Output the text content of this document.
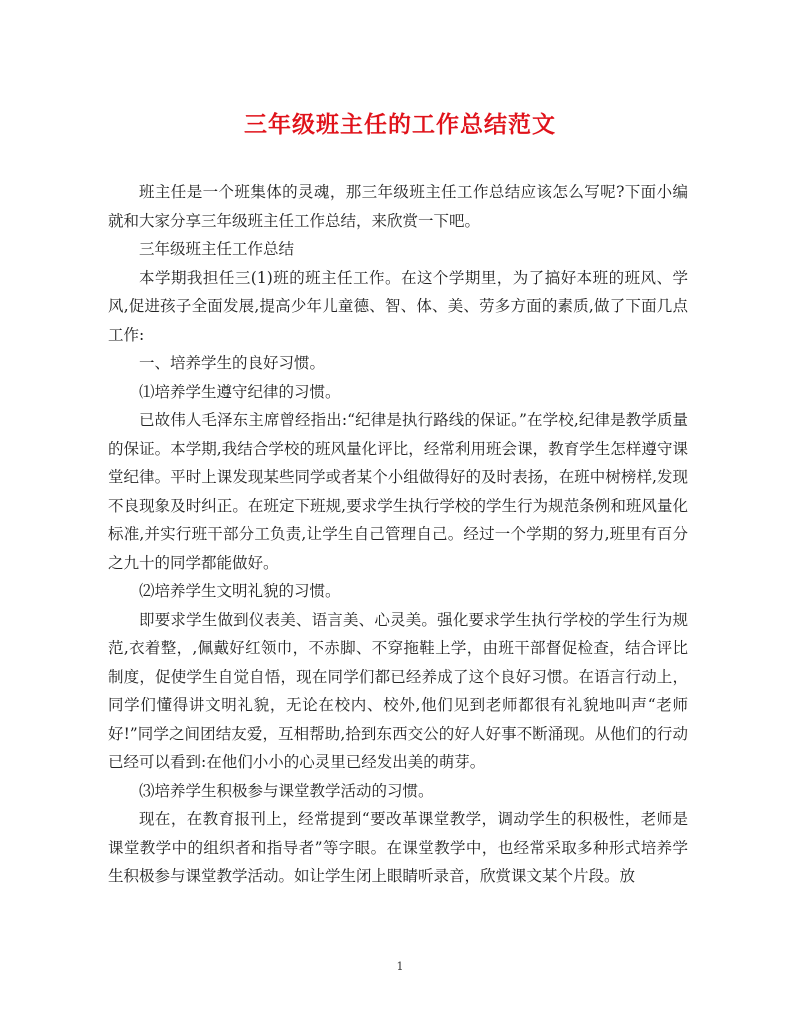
三年级班主任的工作总结范文

班主任是一个班集体的灵魂，那三年级班主任工作总结应该怎么写呢?下面小编就和大家分享三年级班主任工作总结，来欣赏一下吧。

三年级班主任工作总结

本学期我担任三(1)班的班主任工作。在这个学期里，为了搞好本班的班风、学风,促进孩子全面发展,提高少年儿童德、智、体、美、劳多方面的素质,做了下面几点工作:

一、培养学生的良好习惯。

⑴培养学生遵守纪律的习惯。

已故伟人毛泽东主席曾经指出:“纪律是执行路线的保证。”在学校,纪律是教学质量的保证。本学期,我结合学校的班风量化评比，经常利用班会课，教育学生怎样遵守课堂纪律。平时上课发现某些同学或者某个小组做得好的及时表扬，在班中树榜样,发现不良现象及时纠正。在班定下班规,要求学生执行学校的学生行为规范条例和班风量化标准,并实行班干部分工负责,让学生自己管理自己。经过一个学期的努力,班里有百分之九十的同学都能做好。

⑵培养学生文明礼貌的习惯。

即要求学生做到仪表美、语言美、心灵美。强化要求学生执行学校的学生行为规范,衣着整，,佩戴好红领巾，不赤脚、不穿拖鞋上学，由班干部督促检查，结合评比制度，促使学生自觉自悟，现在同学们都已经养成了这个良好习惯。在语言行动上，同学们懂得讲文明礼貌，无论在校内、校外,他们见到老师都很有礼貌地叫声“老师好!”同学之间团结友爱，互相帮助,拾到东西交公的好人好事不断涌现。从他们的行动已经可以看到:在他们小小的心灵里已经发出美的萌芽。

⑶培养学生积极参与课堂教学活动的习惯。

现在，在教育报刊上，经常提到“要改革课堂教学，调动学生的积极性，老师是课堂教学中的组织者和指导者”等字眼。在课堂教学中，也经常采取多种形式培养学生积极参与课堂教学活动。如让学生闭上眼睛听录音，欣赏课文某个片段。放

1
